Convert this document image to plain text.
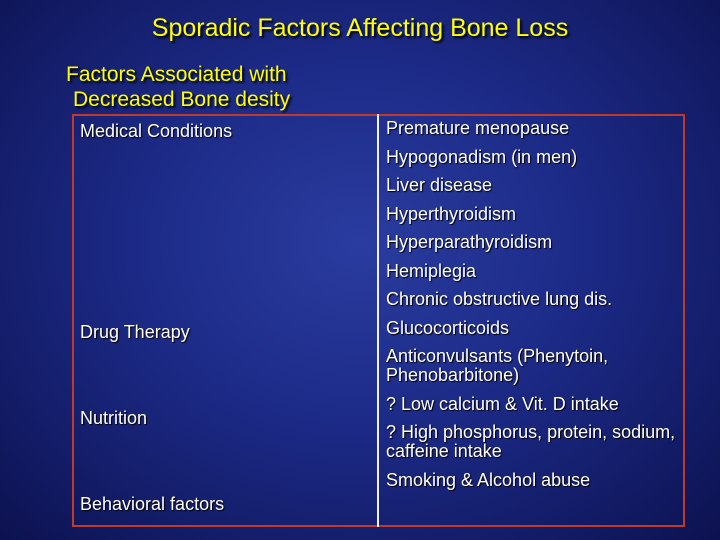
Sporadic Factors Affecting Bone Loss
Factors Associated with
Decreased Bone desity
Medical Conditions
Drug Therapy
Nutrition
Behavioral factors
Premature menopause
Hypogonadism (in men)
Liver disease
Hyperthyroidism
Hyperparathyroidism
Hemiplegia
Chronic obstructive lung dis.
Glucocorticoids
Anticonvulsants (Phenytoin, Phenobarbitone)
? Low calcium & Vit. D intake
? High phosphorus, protein, sodium, caffeine intake
Smoking & Alcohol abuse
